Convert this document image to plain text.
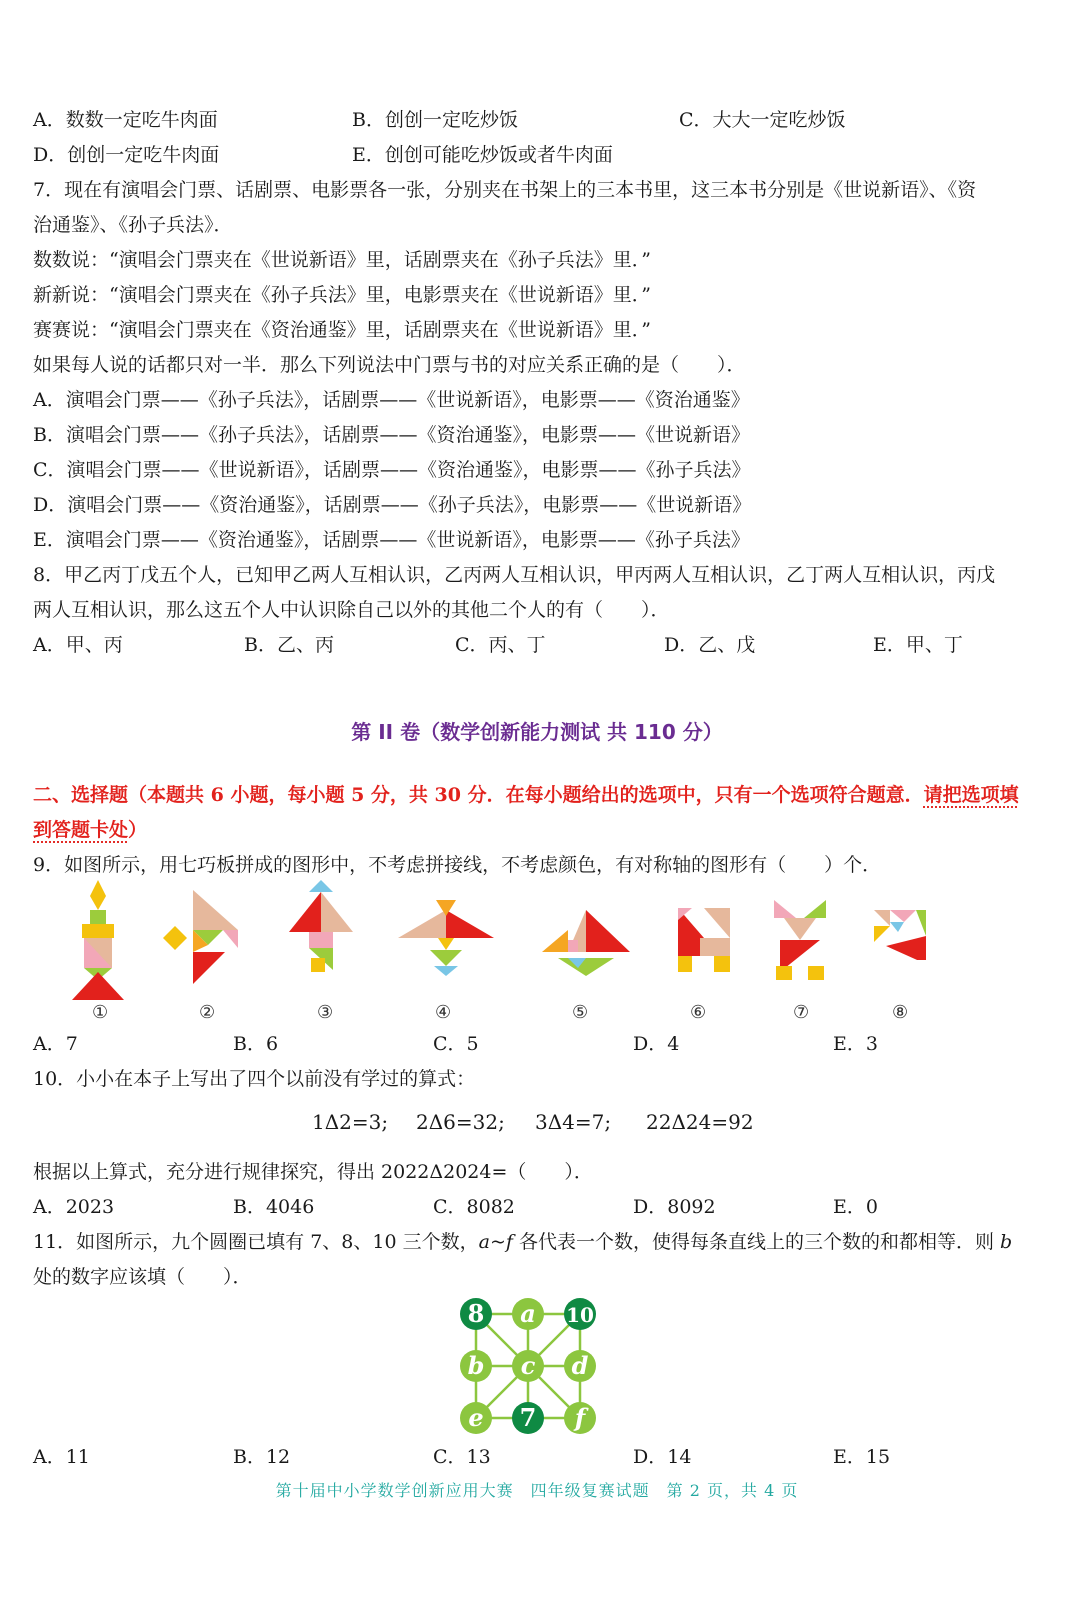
A．数数一定吃牛肉面	B．创创一定吃炒饭	C．大大一定吃炒饭
D．创创一定吃牛肉面	E．创创可能吃炒饭或者牛肉面
7．现在有演唱会门票、话剧票、电影票各一张，分别夹在书架上的三本书里，这三本书分别是《世说新语》、《资
治通鉴》、《孙子兵法》．
数数说：“演唱会门票夹在《世说新语》里，话剧票夹在《孙子兵法》里．”
新新说：“演唱会门票夹在《孙子兵法》里，电影票夹在《世说新语》里．”
赛赛说：“演唱会门票夹在《资治通鉴》里，话剧票夹在《世说新语》里．”
如果每人说的话都只对一半．那么下列说法中门票与书的对应关系正确的是（　　）．
A．演唱会门票——《孙子兵法》，话剧票——《世说新语》，电影票——《资治通鉴》
B．演唱会门票——《孙子兵法》，话剧票——《资治通鉴》，电影票——《世说新语》
C．演唱会门票——《世说新语》，话剧票——《资治通鉴》，电影票——《孙子兵法》
D．演唱会门票——《资治通鉴》，话剧票——《孙子兵法》，电影票——《世说新语》
E．演唱会门票——《资治通鉴》，话剧票——《世说新语》，电影票——《孙子兵法》
8．甲乙丙丁戊五个人，已知甲乙两人互相认识，乙丙两人互相认识，甲丙两人互相认识，乙丁两人互相认识，丙戊
两人互相认识，那么这五个人中认识除自己以外的其他二个人的有（　　）．
A．甲、丙	B．乙、丙	C．丙、丁	D．乙、戊	E．甲、丁
第 II 卷（数学创新能力测试 共 110 分）
二、选择题（本题共 6 小题，每小题 5 分，共 30 分．在每小题给出的选项中，只有一个选项符合题意．请把选项填
到答题卡处）
9．如图所示，用七巧板拼成的图形中，不考虑拼接线，不考虑颜色，有对称轴的图形有（　　）个．
①	②	③	④	⑤	⑥	⑦	⑧
A．7	B．6	C．5	D．4	E．3
10．小小在本子上写出了四个以前没有学过的算式：
1Δ2=3; 2Δ6=32; 3Δ4=7; 22Δ24=92
根据以上算式，充分进行规律探究，得出 2022Δ2024=（　　）．
A．2023	B．4046	C．8082	D．8092	E．0
11．如图所示，九个圆圈已填有 7、8、10 三个数，a~f 各代表一个数，使得每条直线上的三个数的和都相等．则 b
处的数字应该填（　　）．
8 a 10
b c d
e 7 f
A．11	B．12	C．13	D．14	E．15
第十届中小学数学创新应用大赛　四年级复赛试题　第 2 页，共 4 页
